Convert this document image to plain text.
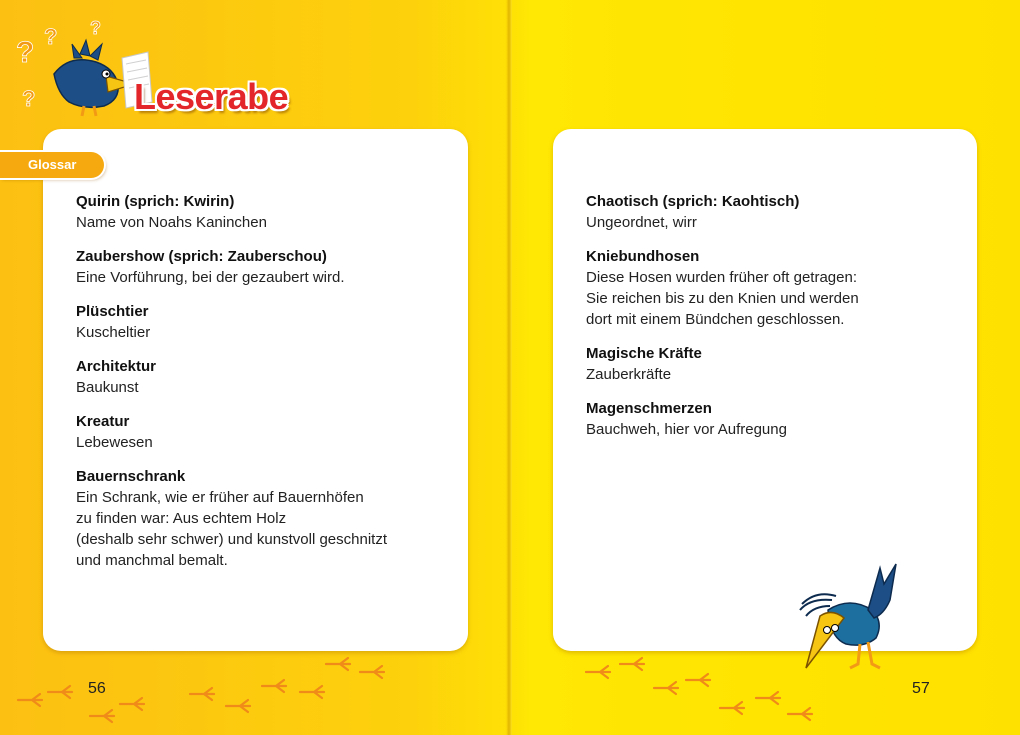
? ? ?
?	Leserabe
Quirin (sprich: Kwirin)
Name von Noahs Kaninchen
Zaubershow (sprich: Zauberschou)
Eine Vorführung, bei der gezaubert wird.
Plüschtier
Kuscheltier
Architektur
Baukunst
Kreatur
Lebewesen
Bauernschrank
Ein Schrank, wie er früher auf Bauernhöfen
zu finden war: Aus echtem Holz
(deshalb sehr schwer) und kunstvoll geschnitzt
und manchmal bemalt.
Glossar
Chaotisch (sprich: Kaohtisch)
Ungeordnet, wirr
Kniebundhosen
Diese Hosen wurden früher oft getragen:
Sie reichen bis zu den Knien und werden
dort mit einem Bündchen geschlossen.
Magische Kräfte
Zauberkräfte
Magenschmerzen
Bauchweh, hier vor Aufregung
56	57
